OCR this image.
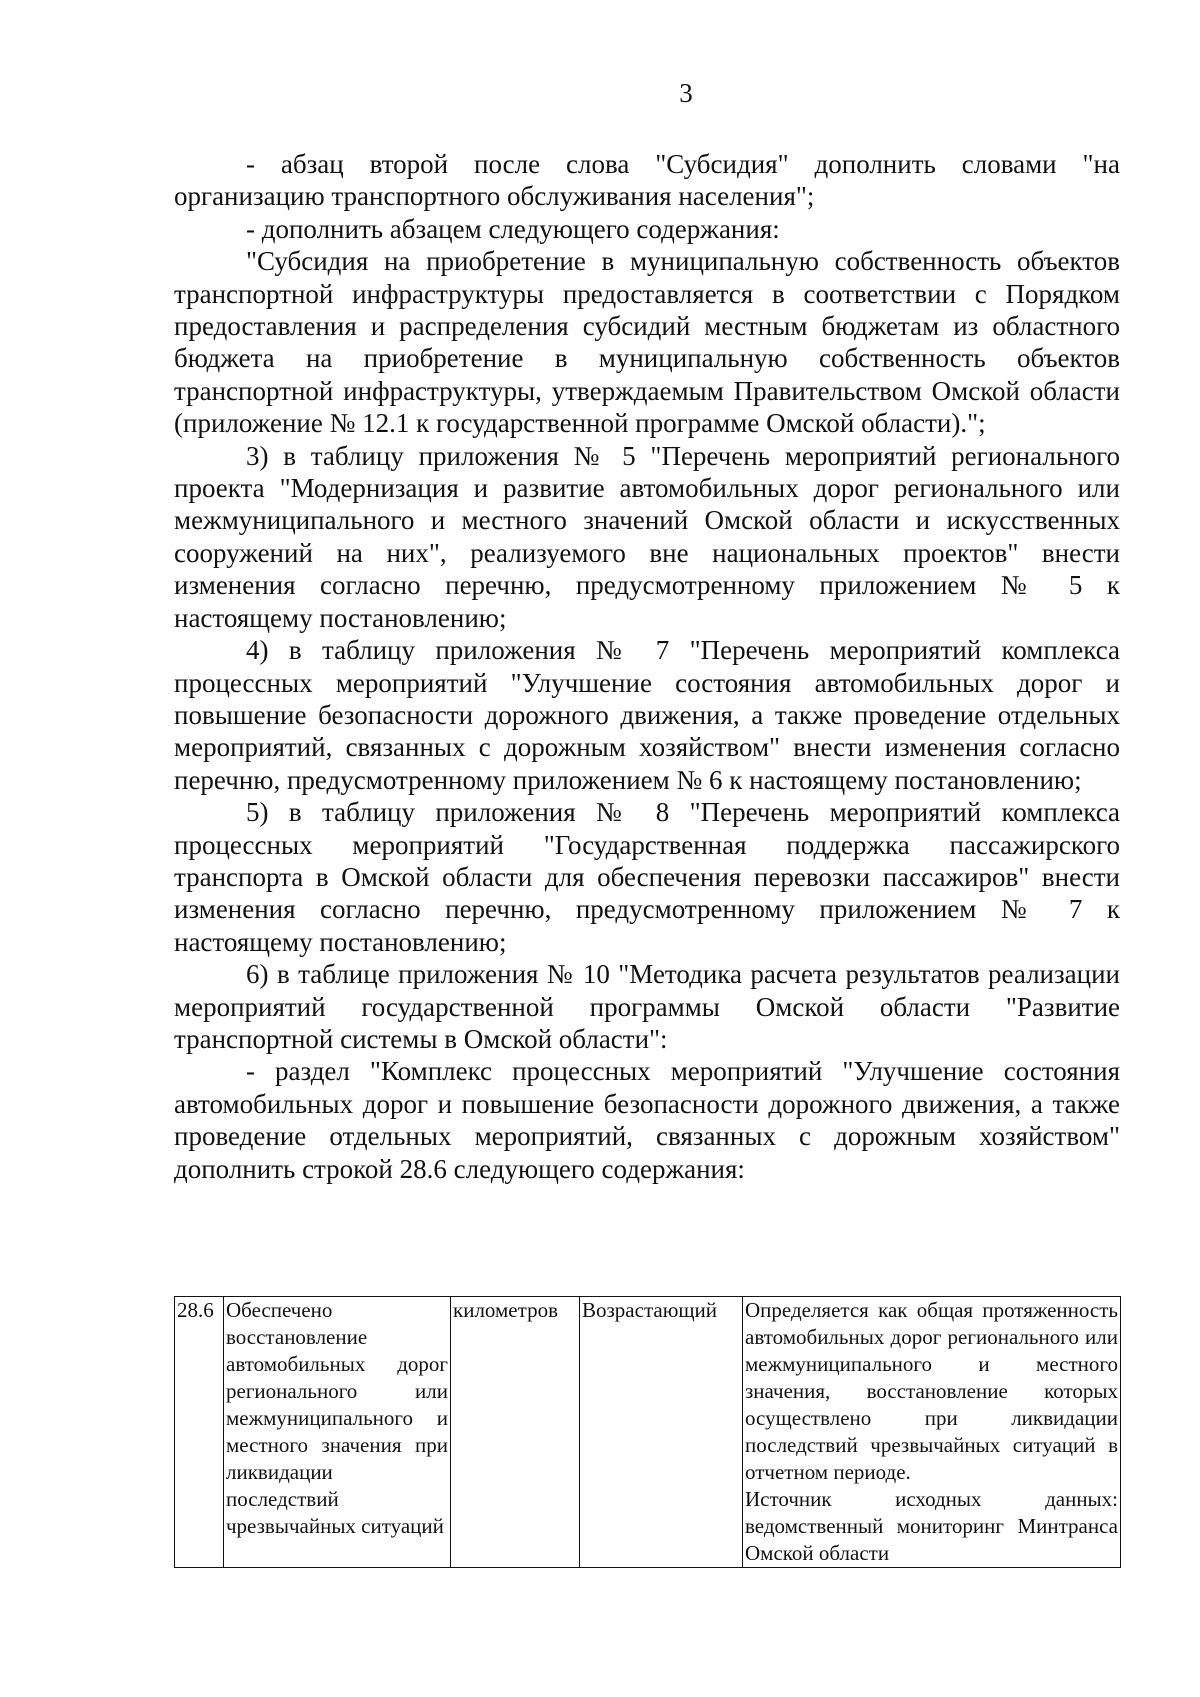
3

- абзац второй после слова "Субсидия" дополнить словами "на организацию транспортного обслуживания населения";

- дополнить абзацем следующего содержания:

"Субсидия на приобретение в муниципальную собственность объектов транспортной инфраструктуры предоставляется в соответствии с Порядком предоставления и распределения субсидий местным бюджетам из областного бюджета на приобретение в муниципальную собственность объектов транспортной инфраструктуры, утверждаемым Правительством Омской области (приложение № 12.1 к государственной программе Омской области).";

3) в таблицу приложения № 5 "Перечень мероприятий регионального проекта "Модернизация и развитие автомобильных дорог регионального или межмуниципального и местного значений Омской области и искусственных сооружений на них", реализуемого вне национальных проектов" внести изменения согласно перечню, предусмотренному приложением № 5 к настоящему постановлению;

4) в таблицу приложения № 7 "Перечень мероприятий комплекса процессных мероприятий "Улучшение состояния автомобильных дорог и повышение безопасности дорожного движения, а также проведение отдельных мероприятий, связанных с дорожным хозяйством" внести изменения согласно перечню, предусмотренному приложением № 6 к настоящему постановлению;

5) в таблицу приложения № 8 "Перечень мероприятий комплекса процессных мероприятий "Государственная поддержка пассажирского транспорта в Омской области для обеспечения перевозки пассажиров" внести изменения согласно перечню, предусмотренному приложением № 7 к настоящему постановлению;

6) в таблице приложения № 10 "Методика расчета результатов реализации мероприятий государственной программы Омской области "Развитие транспортной системы в Омской области":

- раздел "Комплекс процессных мероприятий "Улучшение состояния автомобильных дорог и повышение безопасности дорожного движения, а также проведение отдельных мероприятий, связанных с дорожным хозяйством" дополнить строкой 28.6 следующего содержания:

28.6	Обеспечено восстановление автомобильных дорог регионального или межмуниципального и местного значения при ликвидации последствий чрезвычайных ситуаций	километров	Возрастающий	Определяется как общая протяженность автомобильных дорог регионального или межмуниципального и местного значения, восстановление которых осуществлено при ликвидации последствий чрезвычайных ситуаций в отчетном периоде.
Источник исходных данных: ведомственный мониторинг Минтранса Омской области
